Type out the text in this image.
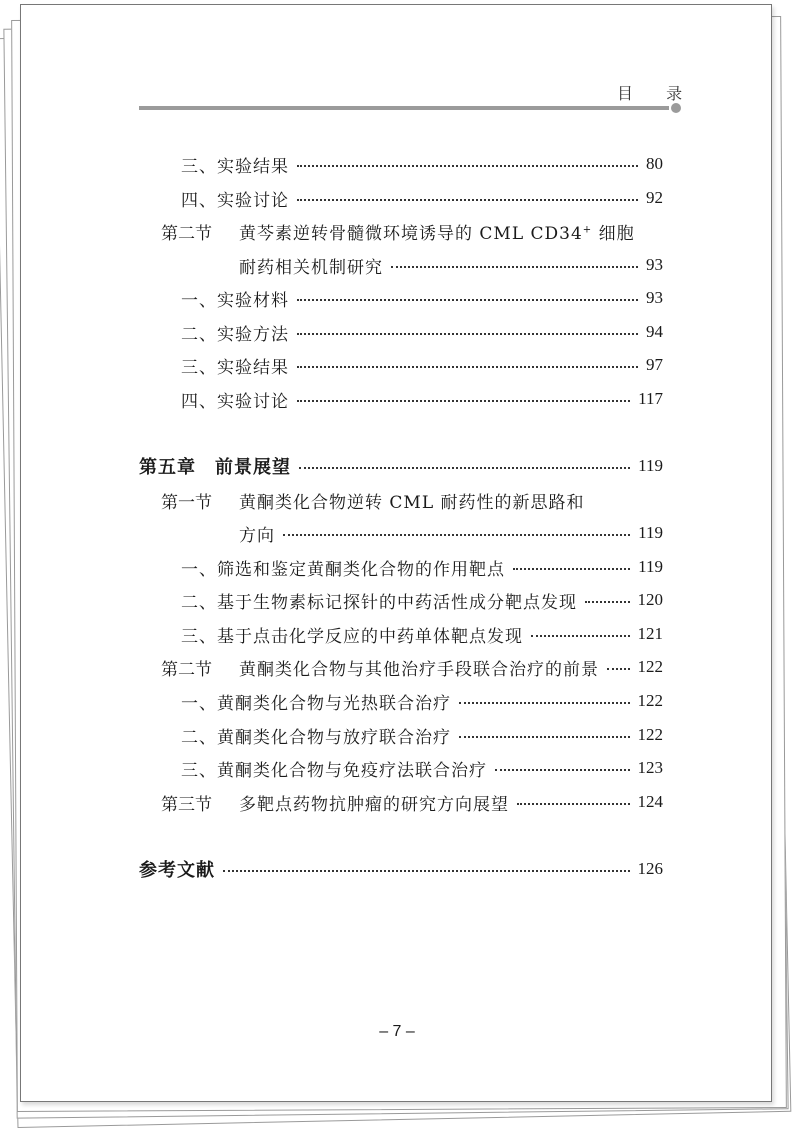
目 录
三、实验结果	80
四、实验讨论	92
第二节	黄芩素逆转骨髓微环境诱导的 CML CD34+ 细胞
耐药相关机制研究	93
一、实验材料	93
二、实验方法	94
三、实验结果	97
四、实验讨论	117
第五章　前景展望	119
第一节	黄酮类化合物逆转 CML 耐药性的新思路和
方向	119
一、筛选和鉴定黄酮类化合物的作用靶点	119
二、基于生物素标记探针的中药活性成分靶点发现	120
三、基于点击化学反应的中药单体靶点发现	121
第二节	黄酮类化合物与其他治疗手段联合治疗的前景 122
一、黄酮类化合物与光热联合治疗	122
二、黄酮类化合物与放疗联合治疗	122
三、黄酮类化合物与免疫疗法联合治疗	123
第三节	多靶点药物抗肿瘤的研究方向展望	124
参考文献	126
– 7 –
